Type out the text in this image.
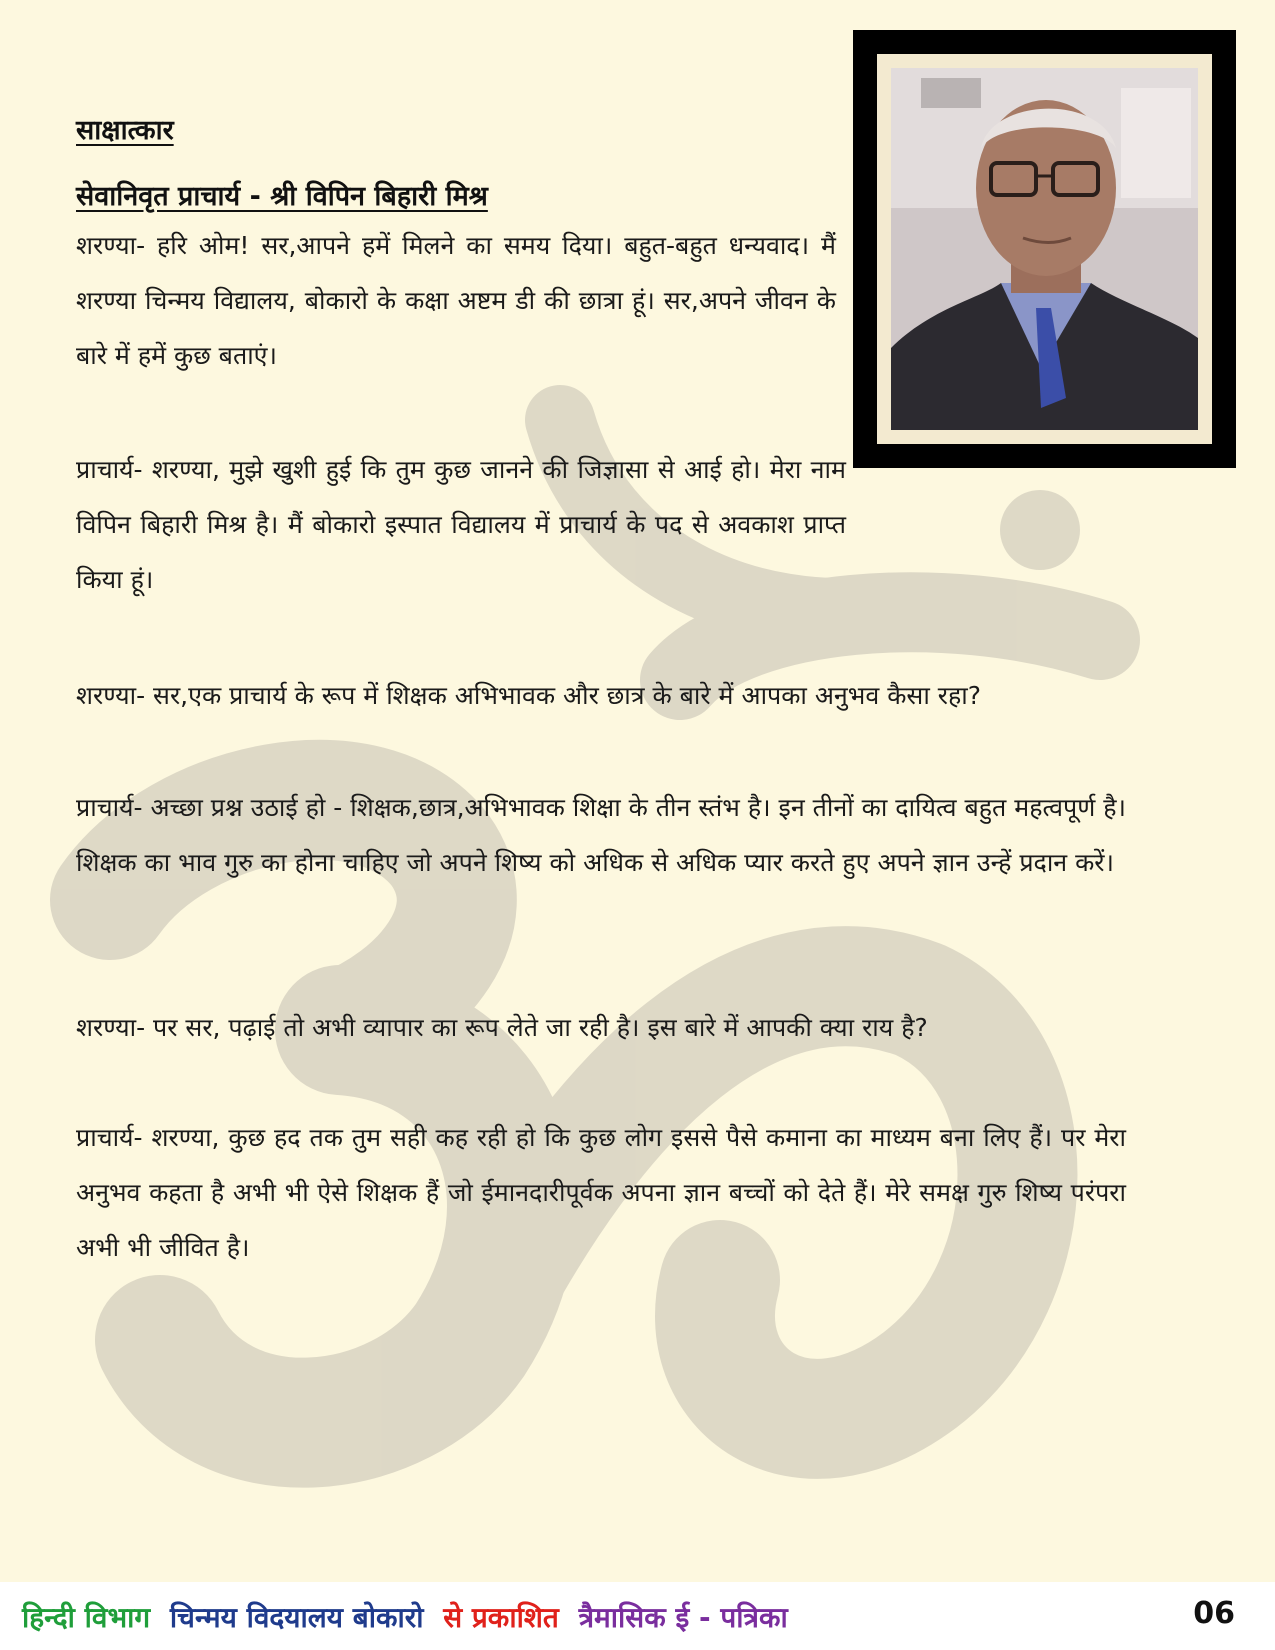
साक्षात्कार
सेवानिवृत प्राचार्य - श्री विपिन बिहारी मिश्र

शरण्या- हरि ओम! सर,आपने हमें मिलने का समय दिया। बहुत-बहुत धन्यवाद। मैं शरण्या चिन्मय विद्यालय, बोकारो के कक्षा अष्टम डी की छात्रा हूं। सर,अपने जीवन के बारे में हमें कुछ बताएं।

प्राचार्य- शरण्या, मुझे खुशी हुई कि तुम कुछ जानने की जिज्ञासा से आई हो। मेरा नाम विपिन बिहारी मिश्र है। मैं बोकारो इस्पात विद्यालय में प्राचार्य के पद से अवकाश प्राप्त किया हूं।

शरण्या- सर,एक प्राचार्य के रूप में शिक्षक अभिभावक और छात्र के बारे में आपका अनुभव कैसा रहा?

प्राचार्य- अच्छा प्रश्न उठाई हो - शिक्षक,छात्र,अभिभावक शिक्षा के तीन स्तंभ है। इन तीनों का दायित्व बहुत महत्वपूर्ण है। शिक्षक का भाव गुरु का होना चाहिए जो अपने शिष्य को अधिक से अधिक प्यार करते हुए अपने ज्ञान उन्हें प्रदान करें।

शरण्या- पर सर, पढ़ाई तो अभी व्यापार का रूप लेते जा रही है। इस बारे में आपकी क्या राय है?

प्राचार्य- शरण्या, कुछ हद तक तुम सही कह रही हो कि कुछ लोग इससे पैसे कमाना का माध्यम बना लिए हैं। पर मेरा अनुभव कहता है अभी भी ऐसे शिक्षक हैं जो ईमानदारीपूर्वक अपना ज्ञान बच्चों को देते हैं। मेरे समक्ष गुरु शिष्य परंपरा अभी भी जीवित है।

हिन्दी विभाग चिन्मय विदयालय बोकारो से प्रकाशित त्रैमासिक ई - पत्रिका	06
